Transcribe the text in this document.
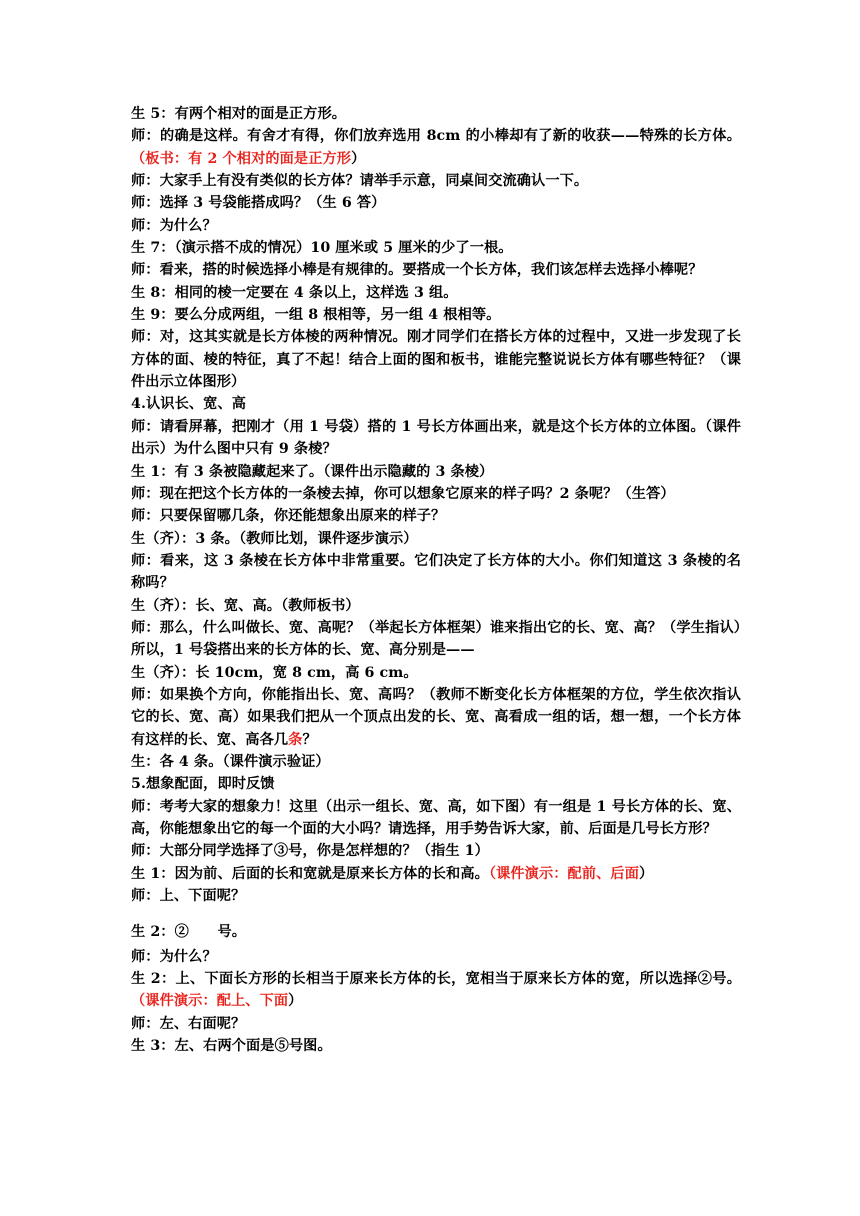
生 5：有两个相对的面是正方形。

师：的确是这样。有舍才有得，你们放弃选用 8cm 的小棒却有了新的收获——特殊的长方体。（板书：有 2 个相对的面是正方形）

师：大家手上有没有类似的长方体？请举手示意，同桌间交流确认一下。

师：选择 3 号袋能搭成吗？（生 6 答）

师：为什么？

生 7：（演示搭不成的情况）10 厘米或 5 厘米的少了一根。

师：看来，搭的时候选择小棒是有规律的。要搭成一个长方体，我们该怎样去选择小棒呢？

生 8：相同的棱一定要在 4 条以上，这样选 3 组。

生 9：要么分成两组，一组 8 根相等，另一组 4 根相等。

师：对，这其实就是长方体棱的两种情况。刚才同学们在搭长方体的过程中，又进一步发现了长方体的面、棱的特征，真了不起！结合上面的图和板书，谁能完整说说长方体有哪些特征？（课件出示立体图形）

4.认识长、宽、高

师：请看屏幕，把刚才（用 1 号袋）搭的 1 号长方体画出来，就是这个长方体的立体图。（课件出示）为什么图中只有 9 条棱？

生 1：有 3 条被隐藏起来了。（课件出示隐藏的 3 条棱）

师：现在把这个长方体的一条棱去掉，你可以想象它原来的样子吗？2 条呢？（生答）

师：只要保留哪几条，你还能想象出原来的样子？

生（齐）：3 条。（教师比划，课件逐步演示）

师：看来，这 3 条棱在长方体中非常重要。它们决定了长方体的大小。你们知道这 3 条棱的名称吗？

生（齐）：长、宽、高。（教师板书）

师：那么，什么叫做长、宽、高呢？（举起长方体框架）谁来指出它的长、宽、高？（学生指认）所以，1 号袋搭出来的长方体的长、宽、高分别是——

生（齐）：长 10cm，宽 8 cm，高 6 cm。

师：如果换个方向，你能指出长、宽、高吗？（教师不断变化长方体框架的方位，学生依次指认它的长、宽、高）如果我们把从一个顶点出发的长、宽、高看成一组的话，想一想，一个长方体有这样的长、宽、高各几条？

生：各 4 条。（课件演示验证）

5.想象配面，即时反馈

师：考考大家的想象力！这里（出示一组长、宽、高，如下图）有一组是 1 号长方体的长、宽、高，你能想象出它的每一个面的大小吗？请选择，用手势告诉大家，前、后面是几号长方形？

师：大部分同学选择了③号，你是怎样想的？（指生 1）

生 1：因为前、后面的长和宽就是原来长方体的长和高。（课件演示：配前、后面）

师：上、下面呢？

生 2：②　　号。

师：为什么？

生 2：上、下面长方形的长相当于原来长方体的长，宽相当于原来长方体的宽，所以选择②号。（课件演示：配上、下面）

师：左、右面呢？

生 3：左、右两个面是⑤号图。
